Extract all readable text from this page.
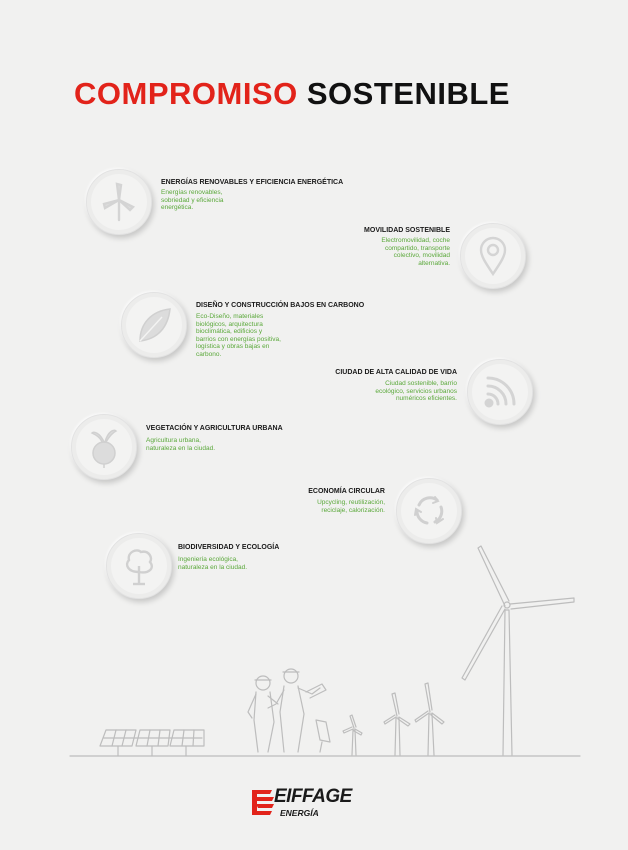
COMPROMISO SOSTENIBLE
ENERGÍAS RENOVABLES Y EFICIENCIA ENERGÉTICA
Energías renovables,
sobriedad y eficiencia
energética.
MOVILIDAD SOSTENIBLE
Electromovilidad, coche
compartido, transporte
colectivo, movilidad
alternativa.
DISEÑO Y CONSTRUCCIÓN BAJOS EN CARBONO
Eco-Diseño, materiales
biológicos, arquitectura
bioclimática, edificios y
barrios con energías positiva,
logística y obras bajas en
carbono.
CIUDAD DE ALTA CALIDAD DE VIDA
Ciudad sostenible, barrio
ecológico, servicios urbanos
numéricos eficientes.
VEGETACIÓN Y AGRICULTURA URBANA
Agricultura urbana,
naturaleza en la ciudad.
ECONOMÍA CIRCULAR
Upcycling, reutilización,
reciclaje, calorización.
BIODIVERSIDAD Y ECOLOGÍA
Ingeniería ecológica,
naturaleza en la ciudad.
EIFFAGE
ENERGÍA
